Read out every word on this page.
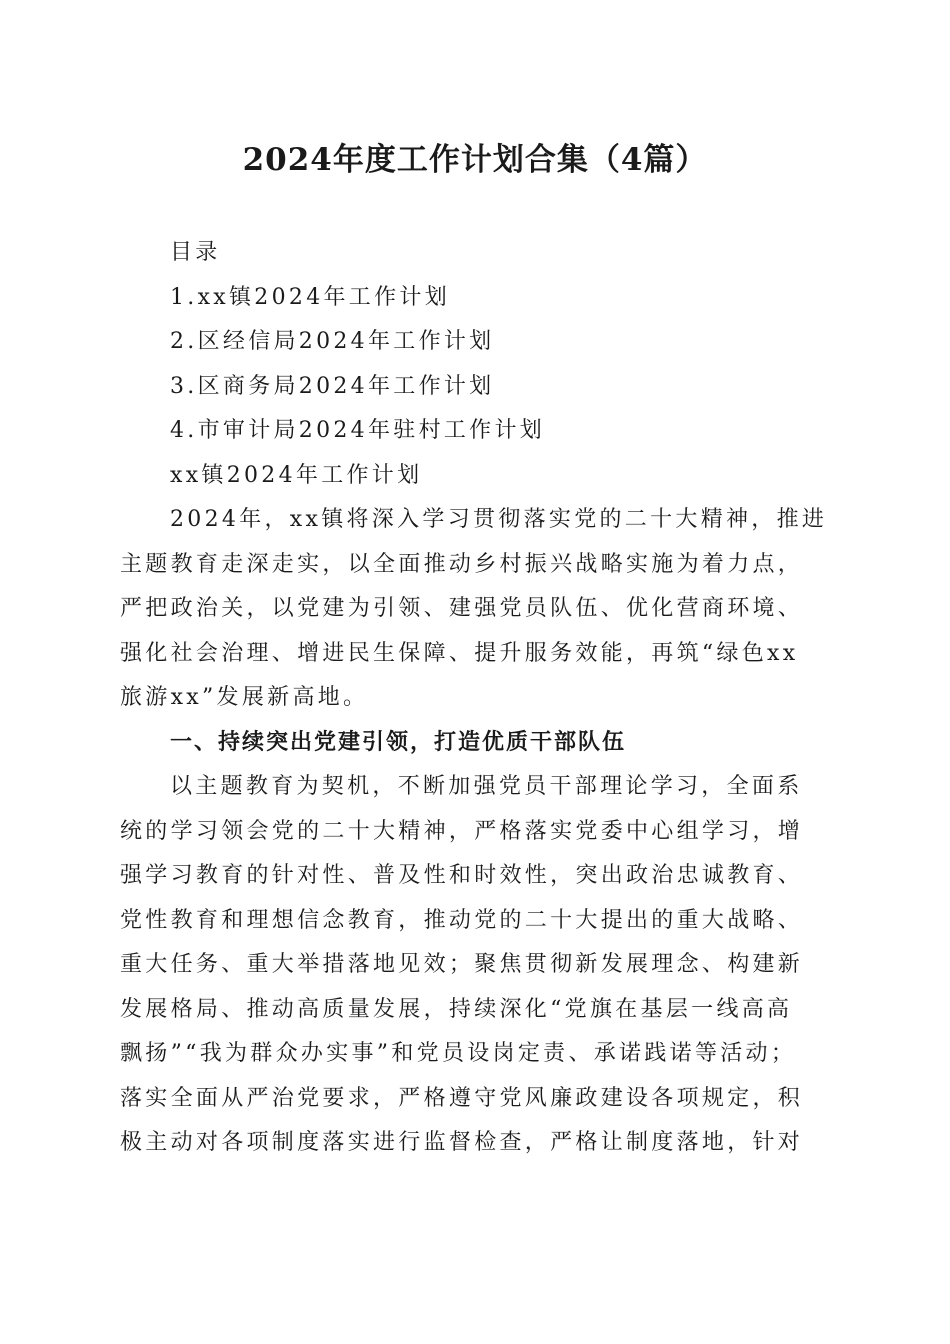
2024年度工作计划合集（4篇）

目录

1.xx镇2024年工作计划

2.区经信局2024年工作计划

3.区商务局2024年工作计划

4.市审计局2024年驻村工作计划

xx镇2024年工作计划

2024年，xx镇将深入学习贯彻落实党的二十大精神，推进

主题教育走深走实，以全面推动乡村振兴战略实施为着力点，

严把政治关，以党建为引领、建强党员队伍、优化营商环境、

强化社会治理、增进民生保障、提升服务效能，再筑“绿色xx

旅游xx”发展新高地。

一、持续突出党建引领，打造优质干部队伍

以主题教育为契机，不断加强党员干部理论学习，全面系

统的学习领会党的二十大精神，严格落实党委中心组学习，增

强学习教育的针对性、普及性和时效性，突出政治忠诚教育、

党性教育和理想信念教育，推动党的二十大提出的重大战略、

重大任务、重大举措落地见效；聚焦贯彻新发展理念、构建新

发展格局、推动高质量发展，持续深化“党旗在基层一线高高

飘扬”“我为群众办实事”和党员设岗定责、承诺践诺等活动；

落实全面从严治党要求，严格遵守党风廉政建设各项规定，积

极主动对各项制度落实进行监督检查，严格让制度落地，针对
